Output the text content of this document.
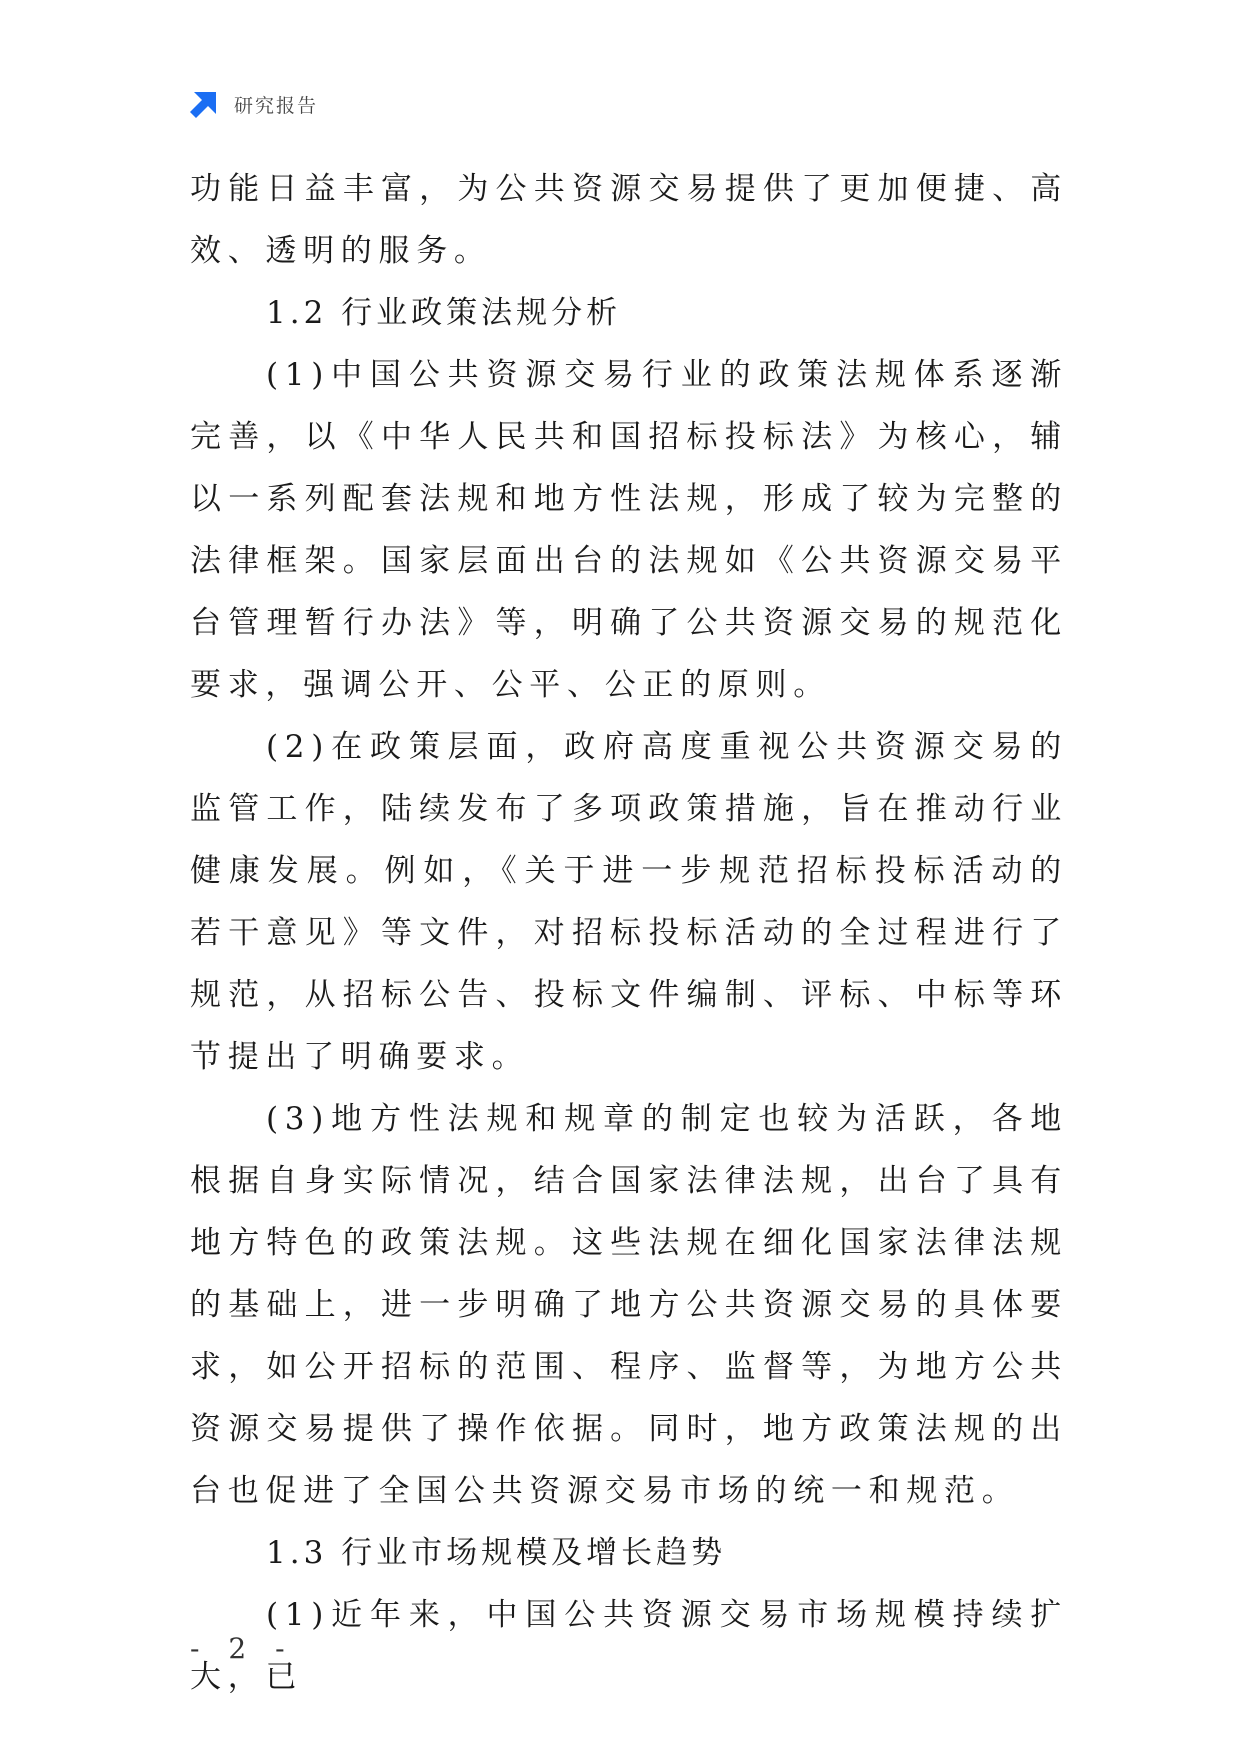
研究报告

功能日益丰富，为公共资源交易提供了更加便捷、高效、透明的服务。

1.2 行业政策法规分析

(1)中国公共资源交易行业的政策法规体系逐渐完善，以《中华人民共和国招标投标法》为核心，辅以一系列配套法规和地方性法规，形成了较为完整的法律框架。国家层面出台的法规如《公共资源交易平台管理暂行办法》等，明确了公共资源交易的规范化要求，强调公开、公平、公正的原则。

(2)在政策层面，政府高度重视公共资源交易的监管工作，陆续发布了多项政策措施，旨在推动行业健康发展。例如，《关于进一步规范招标投标活动的若干意见》等文件，对招标投标活动的全过程进行了规范，从招标公告、投标文件编制、评标、中标等环节提出了明确要求。

(3)地方性法规和规章的制定也较为活跃，各地根据自身实际情况，结合国家法律法规，出台了具有地方特色的政策法规。这些法规在细化国家法律法规的基础上，进一步明确了地方公共资源交易的具体要求，如公开招标的范围、程序、监督等，为地方公共资源交易提供了操作依据。同时，地方政策法规的出台也促进了全国公共资源交易市场的统一和规范。

1.3 行业市场规模及增长趋势

(1)近年来，中国公共资源交易市场规模持续扩大，已

- 2 -
